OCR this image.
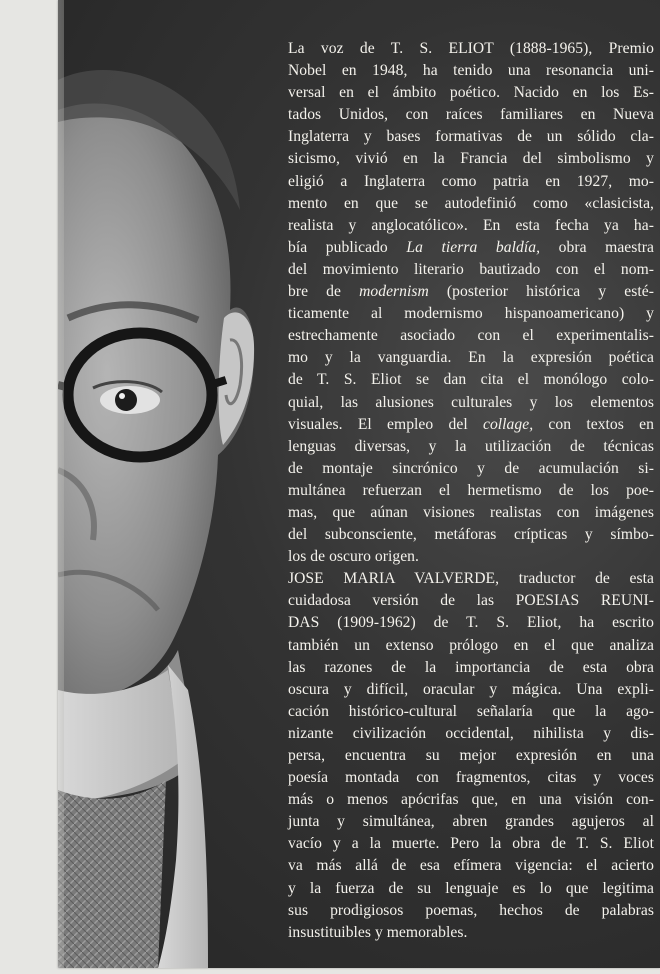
La voz de T. S. ELIOT (1888-1965), Premio
Nobel en 1948, ha tenido una resonancia uni-
versal en el ámbito poético. Nacido en los Es-
tados Unidos, con raíces familiares en Nueva
Inglaterra y bases formativas de un sólido cla-
sicismo, vivió en la Francia del simbolismo y
eligió a Inglaterra como patria en 1927, mo-
mento en que se autodefinió como «clasicista,
realista y anglocatólico». En esta fecha ya ha-
bía publicado La tierra baldía, obra maestra
del movimiento literario bautizado con el nom-
bre de modernism (posterior histórica y esté-
ticamente al modernismo hispanoamericano) y
estrechamente asociado con el experimentalis-
mo y la vanguardia. En la expresión poética
de T. S. Eliot se dan cita el monólogo colo-
quial, las alusiones culturales y los elementos
visuales. El empleo del collage, con textos en
lenguas diversas, y la utilización de técnicas
de montaje sincrónico y de acumulación si-
multánea refuerzan el hermetismo de los poe-
mas, que aúnan visiones realistas con imágenes
del subconsciente, metáforas crípticas y símbo-
los de oscuro origen.
JOSE MARIA VALVERDE, traductor de esta
cuidadosa versión de las POESIAS REUNI-
DAS (1909-1962) de T. S. Eliot, ha escrito
también un extenso prólogo en el que analiza
las razones de la importancia de esta obra
oscura y difícil, oracular y mágica. Una expli-
cación histórico-cultural señalaría que la ago-
nizante civilización occidental, nihilista y dis-
persa, encuentra su mejor expresión en una
poesía montada con fragmentos, citas y voces
más o menos apócrifas que, en una visión con-
junta y simultánea, abren grandes agujeros al
vacío y a la muerte. Pero la obra de T. S. Eliot
va más allá de esa efímera vigencia: el acierto
y la fuerza de su lenguaje es lo que legitima
sus prodigiosos poemas, hechos de palabras
insustituibles y memorables.
